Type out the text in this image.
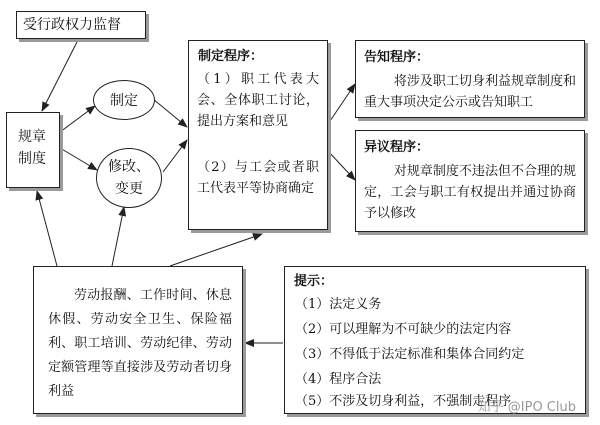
受行政权力监督

规章
制度

制定
修改、
变更

制定程序：

（1）职工代表大会、全体职工讨论，提出方案和意见

（2）与工会或者职工代表平等协商确定

告知程序：

将涉及职工切身利益规章制度和重大事项决定公示或告知职工

异议程序：

对规章制度不违法但不合理的规定，工会与职工有权提出并通过协商予以修改

劳动报酬、工作时间、休息休假、劳动安全卫生、保险福利、职工培训、劳动纪律、劳动定额管理等直接涉及劳动者切身利益

提示：

（1）法定义务

（2）可以理解为不可缺少的法定内容

（3）不得低于法定标准和集体合同约定

（4）程序合法

（5）不涉及切身利益，不强制走程序

知乎 @IPO Club
